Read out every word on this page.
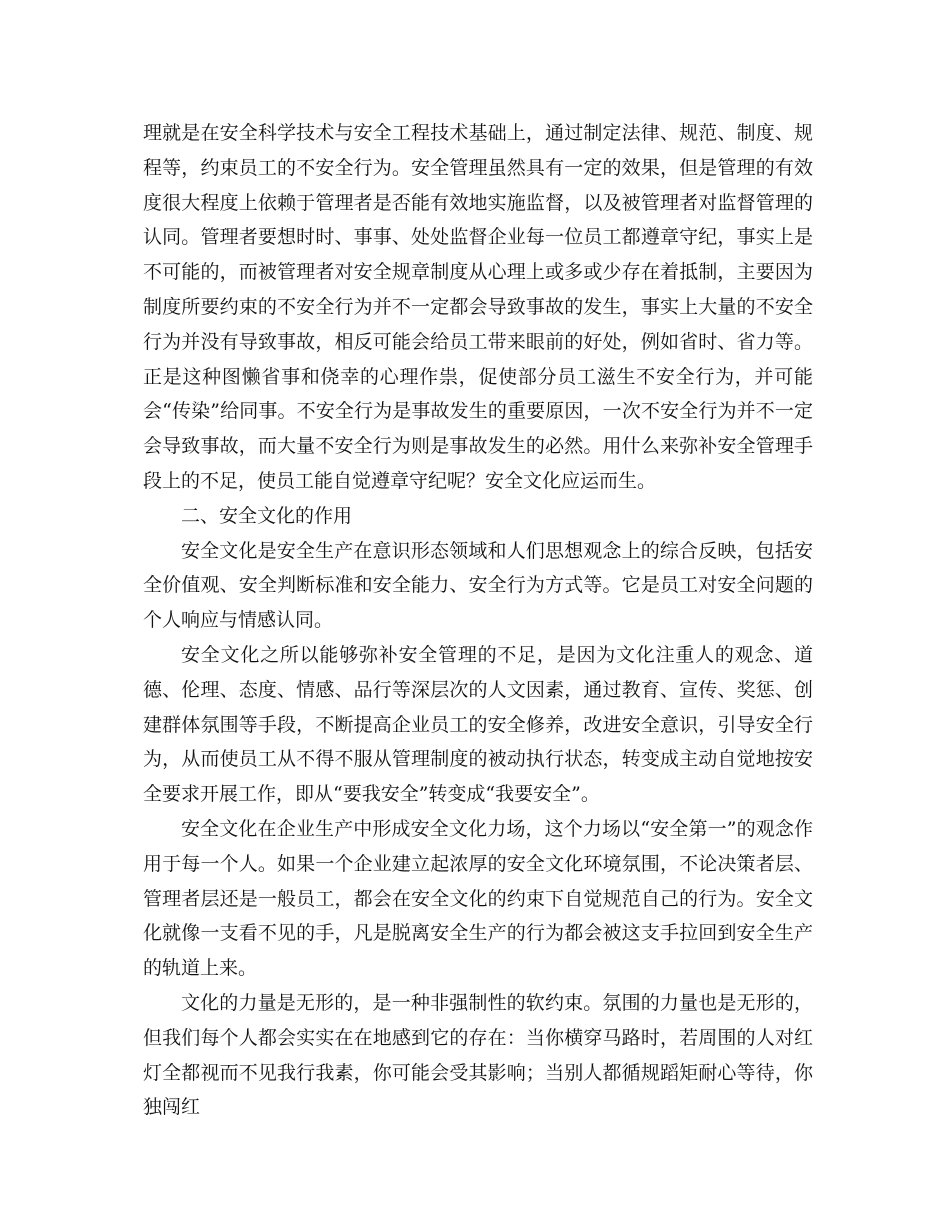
理就是在安全科学技术与安全工程技术基础上，通过制定法律、规范、制度、规程等，约束员工的不安全行为。安全管理虽然具有一定的效果，但是管理的有效度很大程度上依赖于管理者是否能有效地实施监督，以及被管理者对监督管理的认同。管理者要想时时、事事、处处监督企业每一位员工都遵章守纪，事实上是不可能的，而被管理者对安全规章制度从心理上或多或少存在着抵制，主要因为制度所要约束的不安全行为并不一定都会导致事故的发生，事实上大量的不安全行为并没有导致事故，相反可能会给员工带来眼前的好处，例如省时、省力等。正是这种图懒省事和侥幸的心理作祟，促使部分员工滋生不安全行为，并可能会“传染”给同事。不安全行为是事故发生的重要原因，一次不安全行为并不一定会导致事故，而大量不安全行为则是事故发生的必然。用什么来弥补安全管理手段上的不足，使员工能自觉遵章守纪呢？安全文化应运而生。

二、安全文化的作用

安全文化是安全生产在意识形态领域和人们思想观念上的综合反映，包括安全价值观、安全判断标准和安全能力、安全行为方式等。它是员工对安全问题的个人响应与情感认同。

安全文化之所以能够弥补安全管理的不足，是因为文化注重人的观念、道德、伦理、态度、情感、品行等深层次的人文因素，通过教育、宣传、奖惩、创建群体氛围等手段，不断提高企业员工的安全修养，改进安全意识，引导安全行为，从而使员工从不得不服从管理制度的被动执行状态，转变成主动自觉地按安全要求开展工作，即从“要我安全”转变成“我要安全”。

安全文化在企业生产中形成安全文化力场，这个力场以“安全第一”的观念作用于每一个人。如果一个企业建立起浓厚的安全文化环境氛围，不论决策者层、管理者层还是一般员工，都会在安全文化的约束下自觉规范自己的行为。安全文化就像一支看不见的手，凡是脱离安全生产的行为都会被这支手拉回到安全生产的轨道上来。

文化的力量是无形的，是一种非强制性的软约束。氛围的力量也是无形的，但我们每个人都会实实在在地感到它的存在：当你横穿马路时，若周围的人对红灯全都视而不见我行我素，你可能会受其影响；当别人都循规蹈矩耐心等待，你独闯红
